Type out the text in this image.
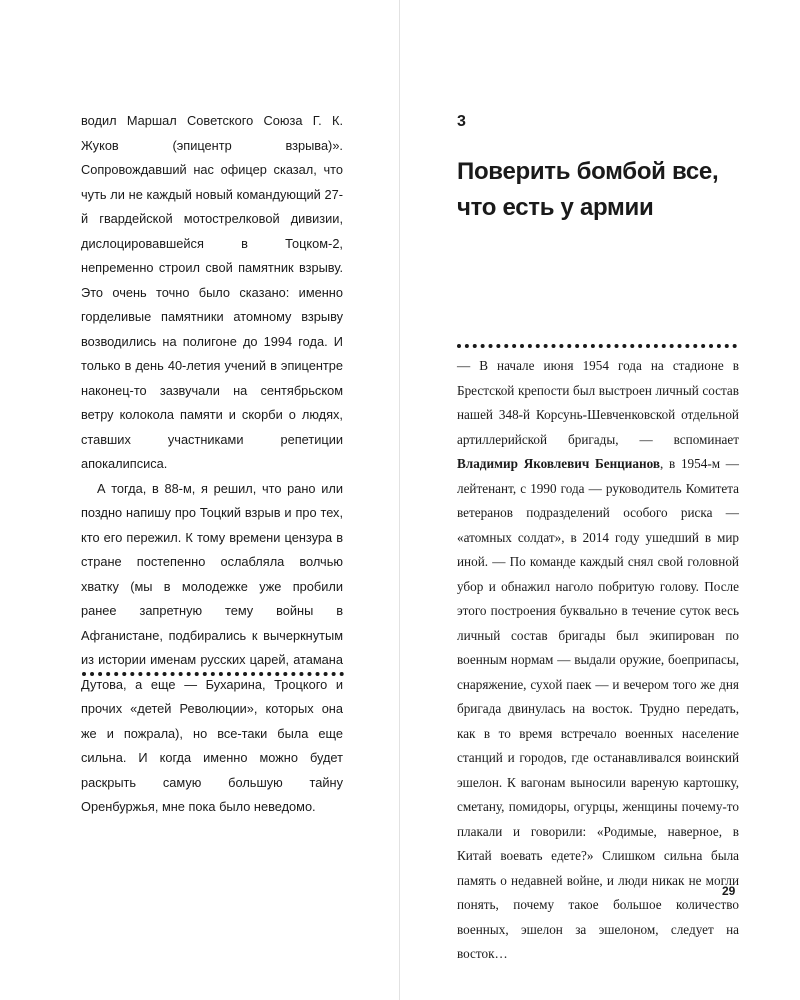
водил Маршал Советского Союза Г. К. Жуков (эпицентр взрыва)». Сопровождавший нас офицер сказал, что чуть ли не каждый новый командующий 27-й гвардейской мотострелковой дивизии, дислоцировавшейся в Тоцком-2, непременно строил свой памятник взрыву. Это очень точно было сказано: именно горделивые памятники атомному взрыву возводились на полигоне до 1994 года. И только в день 40-летия учений в эпицентре наконец-то зазвучали на сентябрьском ветру колокола памяти и скорби о людях, ставших участниками репетиции апокалипсиса.

А тогда, в 88-м, я решил, что рано или поздно напишу про Тоцкий взрыв и про тех, кто его пережил. К тому времени цензура в стране постепенно ослабляла волчью хватку (мы в молодежке уже пробили ранее запретную тему войны в Афганистане, подбирались к вычеркнутым из истории именам русских царей, атамана Дутова, а еще — Бухарина, Троцкого и прочих «детей Революции», которых она же и пожрала), но все-таки была еще сильна. И когда именно можно будет раскрыть самую большую тайну Оренбуржья, мне пока было неведомо.

3
Поверить бомбой все,
что есть у армии

— В начале июня 1954 года на стадионе в Брестской крепости был выстроен личный состав нашей 348-й Корсунь-Шевченковской отдельной артиллерийской бригады, — вспоминает Владимир Яковлевич Бенцианов, в 1954-м — лейтенант, с 1990 года — руководитель Комитета ветеранов подразделений особого риска — «атомных солдат», в 2014 году ушедший в мир иной. — По команде каждый снял свой головной убор и обнажил наголо побритую голову. После этого построения буквально в течение суток весь личный состав бригады был экипирован по военным нормам — выдали оружие, боеприпасы, снаряжение, сухой паек — и вечером того же дня бригада двинулась на восток. Трудно передать, как в то время встречало военных население станций и городов, где останавливался воинский эшелон. К вагонам выносили вареную картошку, сметану, помидоры, огурцы, женщины почему-то плакали и говорили: «Родимые, наверное, в Китай воевать едете?» Слишком сильна была память о недавней войне, и люди никак не могли понять, почему такое большое количество военных, эшелон за эшелоном, следует на восток…

29
